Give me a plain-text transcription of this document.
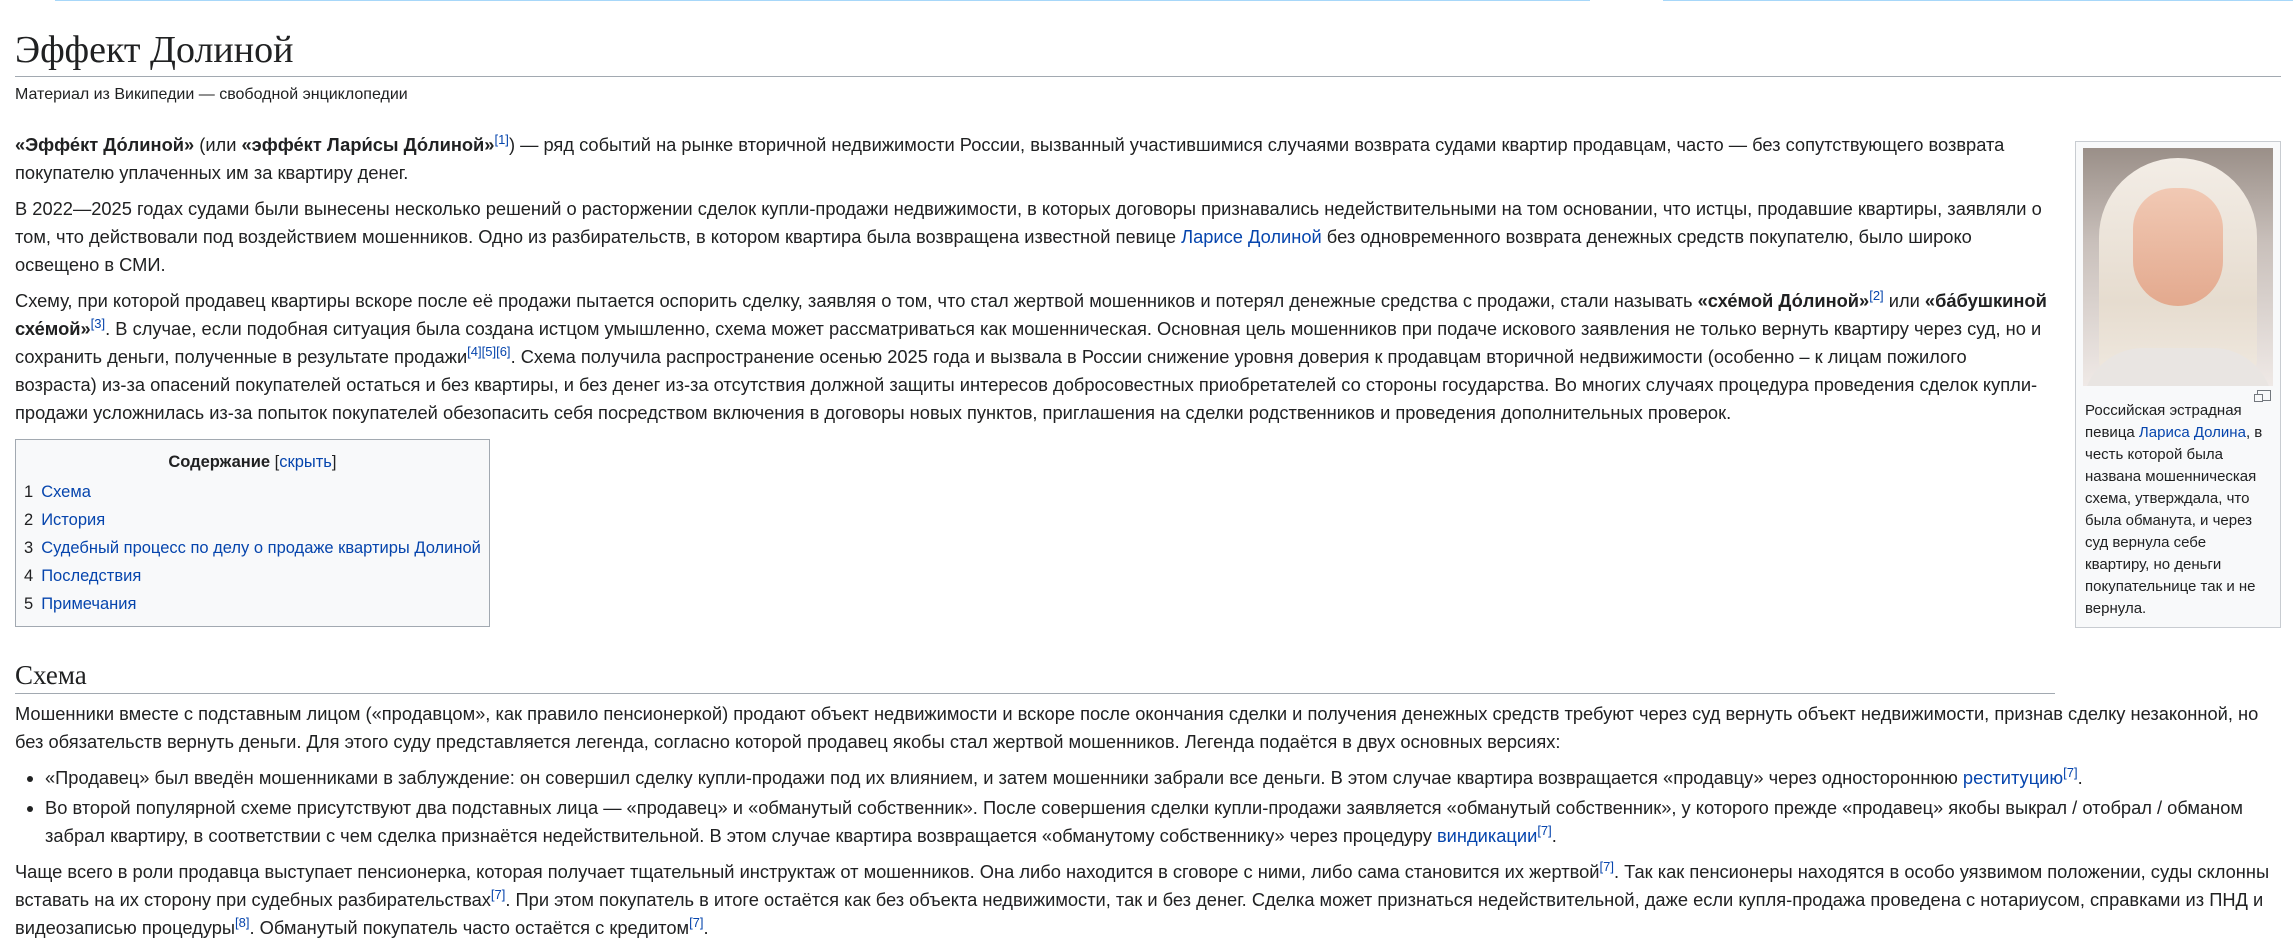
Эффект Долиной
Материал из Википедии — свободной энциклопедии
Российская эстрадная певица Лариса Долина, в честь которой была названа мошенническая схема, утверждала, что была обманута, и через суд вернула себе квартиру, но деньги покупательнице так и не вернула.

«Эффе́кт До́линой» (или «эффе́кт Лари́сы До́линой»[1]) — ряд событий на рынке вторичной недвижимости России, вызванный участившимися случаями возврата судами квартир продавцам, часто — без сопутствующего возврата покупателю уплаченных им за квартиру денег.

В 2022—2025 годах судами были вынесены несколько решений о расторжении сделок купли-продажи недвижимости, в которых договоры признавались недействительными на том основании, что истцы, продавшие квартиры, заявляли о том, что действовали под воздействием мошенников. Одно из разбирательств, в котором квартира была возвращена известной певице Ларисе Долиной без одновременного возврата денежных средств покупателю, было широко освещено в СМИ.

Схему, при которой продавец квартиры вскоре после её продажи пытается оспорить сделку, заявляя о том, что стал жертвой мошенников и потерял денежные средства с продажи, стали называть «схе́мой До́линой»[2] или «ба́бушкиной схе́мой»[3]. В случае, если подобная ситуация была создана истцом умышленно, схема может рассматриваться как мошенническая. Основная цель мошенников при подаче искового заявления не только вернуть квартиру через суд, но и сохранить деньги, полученные в результате продажи[4][5][6]. Схема получила распространение осенью 2025 года и вызвала в России снижение уровня доверия к продавцам вторичной недвижимости (особенно – к лицам пожилого возраста) из-за опасений покупателей остаться и без квартиры, и без денег из-за отсутствия должной защиты интересов добросовестных приобретателей со стороны государства. Во многих случаях процедура проведения сделок купли-продажи усложнилась из-за попыток покупателей обезопасить себя посредством включения в договоры новых пунктов, приглашения на сделки родственников и проведения дополнительных проверок.

Содержание [скрыть]
1 Схема
2 История
3 Судебный процесс по делу о продаже квартиры Долиной
4 Последствия
5 Примечания
Схема

Мошенники вместе с подставным лицом («продавцом», как правило пенсионеркой) продают объект недвижимости и вскоре после окончания сделки и получения денежных средств требуют через суд вернуть объект недвижимости, признав сделку незаконной, но без обязательств вернуть деньги. Для этого суду представляется легенда, согласно которой продавец якобы стал жертвой мошенников. Легенда подаётся в двух основных версиях:

• «Продавец» был введён мошенниками в заблуждение: он совершил сделку купли-продажи под их влиянием, и затем мошенники забрали все деньги. В этом случае квартира возвращается «продавцу» через одностороннюю реституцию[7].
• Во второй популярной схеме присутствуют два подставных лица — «продавец» и «обманутый собственник». После совершения сделки купли-продажи заявляется «обманутый собственник», у которого прежде «продавец» якобы выкрал / отобрал / обманом забрал квартиру, в соответствии с чем сделка признаётся недействительной. В этом случае квартира возвращается «обманутому собственнику» через процедуру виндикации[7].

Чаще всего в роли продавца выступает пенсионерка, которая получает тщательный инструктаж от мошенников. Она либо находится в сговоре с ними, либо сама становится их жертвой[7]. Так как пенсионеры находятся в особо уязвимом положении, суды склонны вставать на их сторону при судебных разбирательствах[7]. При этом покупатель в итоге остаётся как без объекта недвижимости, так и без денег. Сделка может признаться недействительной, даже если купля-продажа проведена с нотариусом, справками из ПНД и видеозаписью процедуры[8]. Обманутый покупатель часто остаётся с кредитом[7].
